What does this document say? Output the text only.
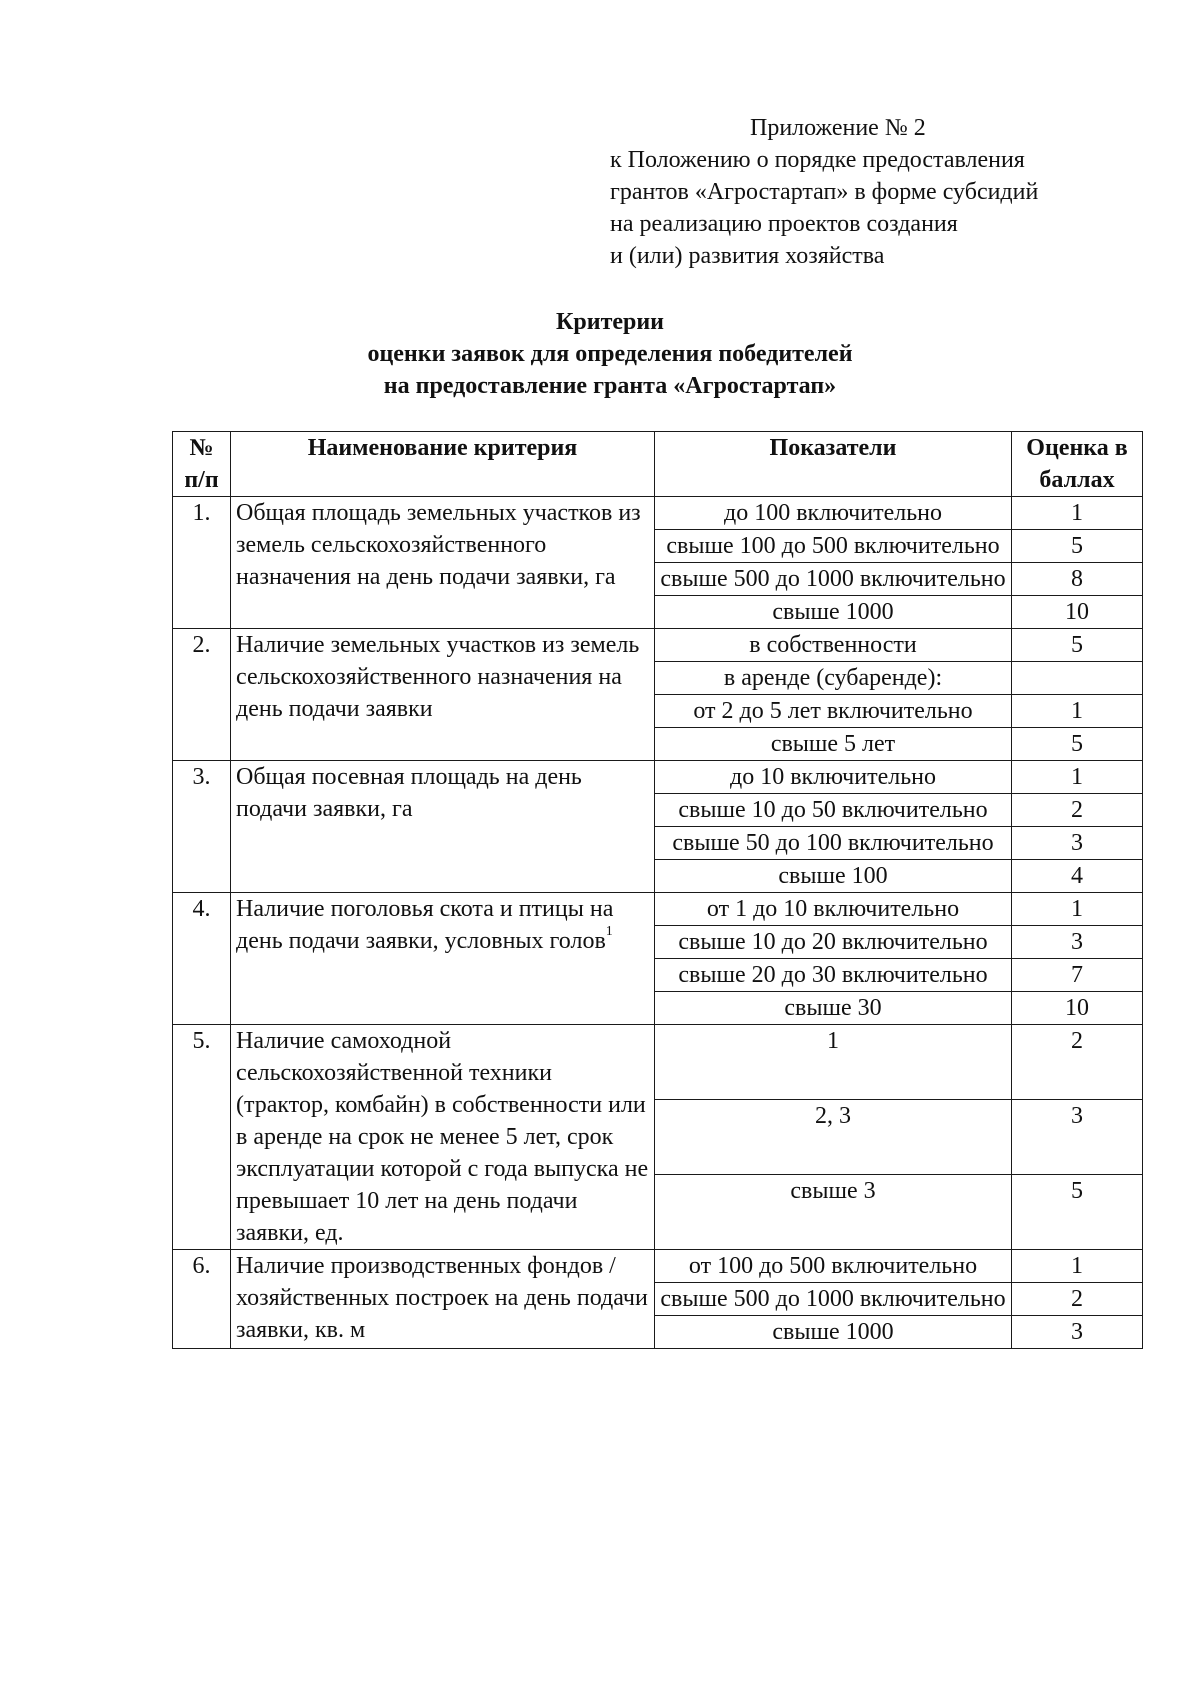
Приложение № 2
к Положению о порядке предоставления
грантов «Агростартап» в форме субсидий
на реализацию проектов создания
и (или) развития хозяйства
Критерии
оценки заявок для определения победителей
на предоставление гранта «Агростартап»
№ п/п	Наименование критерия	Показатели	Оценка в баллах
1.	Общая площадь земельных участков из земель сельскохозяйственного назначения на день подачи заявки, га	до 100 включительно	1
		свыше 100 до 500 включительно	5
		свыше 500 до 1000 включительно	8
		свыше 1000	10
2.	Наличие земельных участков из земель сельскохозяйственного назначения на день подачи заявки	в собственности	5
		в аренде (субаренде):	
		от 2 до 5 лет включительно	1
		свыше 5 лет	5
3.	Общая посевная площадь на день подачи заявки, га	до 10 включительно	1
		свыше 10 до 50 включительно	2
		свыше 50 до 100 включительно	3
		свыше 100	4
4.	Наличие поголовья скота и птицы на день подачи заявки, условных голов$^1$	от 1 до 10 включительно	1
		свыше 10 до 20 включительно	3
		свыше 20 до 30 включительно	7
		свыше 30	10
5.	Наличие самоходной сельскохозяйственной техники (трактор, комбайн) в собственности или в аренде на срок не менее 5 лет, срок эксплуатации которой с года выпуска не превышает 10 лет на день подачи заявки, ед.	1	2
		2, 3	3
		свыше 3	5
6.	Наличие производственных фондов / хозяйственных построек на день подачи заявки, кв. м	от 100 до 500 включительно	1
		свыше 500 до 1000 включительно	2
		свыше 1000	3
